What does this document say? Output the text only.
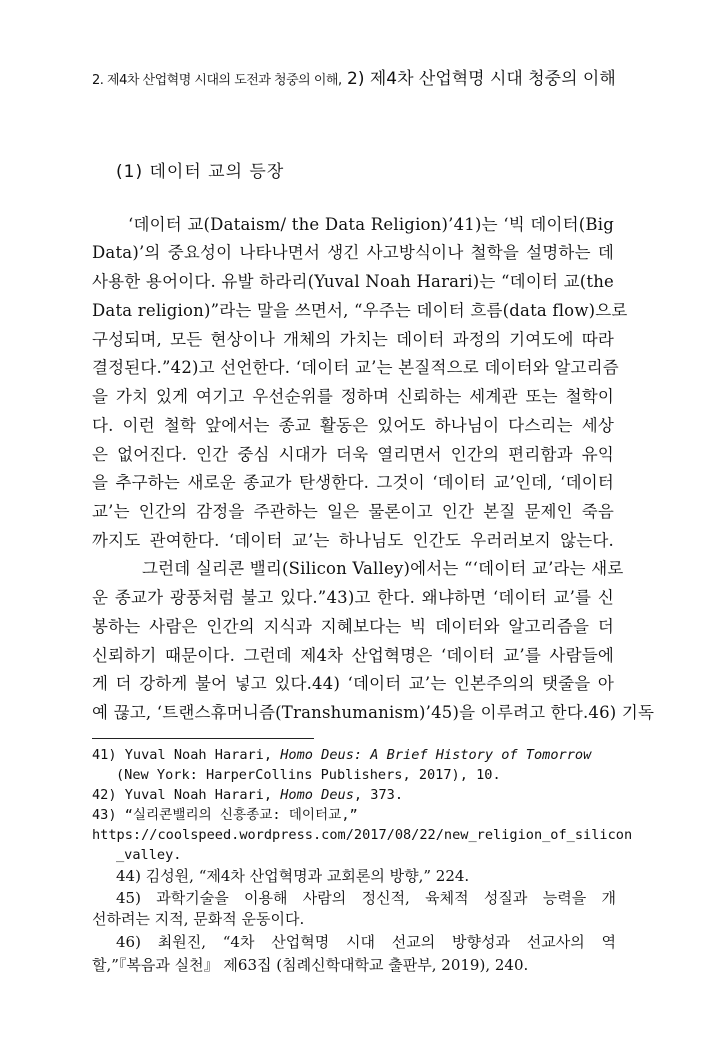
2. 제4차 산업혁명 시대의 도전과 청중의 이해, 2) 제4차 산업혁명 시대 청중의 이해
(1) 데이터 교의 등장
‘데이터 교(Dataism/ the Data Religion)’41)는 ‘빅 데이터(Big
Data)’의 중요성이 나타나면서 생긴 사고방식이나 철학을 설명하는 데
사용한 용어이다. 유발 하라리(Yuval Noah Harari)는 “데이터 교(the
Data religion)”라는 말을 쓰면서, “우주는 데이터 흐름(data flow)으로
구성되며, 모든 현상이나 개체의 가치는 데이터 과정의 기여도에 따라
결정된다.”42)고 선언한다. ‘데이터 교’는 본질적으로 데이터와 알고리즘
을 가치 있게 여기고 우선순위를 정하며 신뢰하는 세계관 또는 철학이
다. 이런 철학 앞에서는 종교 활동은 있어도 하나님이 다스리는 세상
은 없어진다. 인간 중심 시대가 더욱 열리면서 인간의 편리함과 유익
을 추구하는 새로운 종교가 탄생한다. 그것이 ‘데이터 교’인데, ‘데이터
교’는 인간의 감정을 주관하는 일은 물론이고 인간 본질 문제인 죽음
까지도 관여한다. ‘데이터 교’는 하나님도 인간도 우러러보지 않는다.
그런데 실리콘 밸리(Silicon Valley)에서는 “‘데이터 교’라는 새로
운 종교가 광풍처럼 불고 있다.”43)고 한다. 왜냐하면 ‘데이터 교’를 신
봉하는 사람은 인간의 지식과 지혜보다는 빅 데이터와 알고리즘을 더
신뢰하기 때문이다. 그런데 제4차 산업혁명은 ‘데이터 교’를 사람들에
게 더 강하게 불어 넣고 있다.44) ‘데이터 교’는 인본주의의 탯줄을 아
예 끊고, ‘트랜스휴머니즘(Transhumanism)’45)을 이루려고 한다.46) 기독
41) Yuval Noah Harari, Homo Deus: A Brief History of Tomorrow
(New York: HarperCollins Publishers, 2017), 10.
42) Yuval Noah Harari, Homo Deus, 373.
43) “실리콘밸리의 신흥종교: 데이터교,”
https://coolspeed.wordpress.com/2017/08/22/new_religion_of_silicon
_valley.
44) 김성원, “제4차 산업혁명과 교회론의 방향,” 224.
45) 과학기술을 이용해 사람의 정신적, 육체적 성질과 능력을 개
선하려는 지적, 문화적 운동이다.
46) 최원진, “4차 산업혁명 시대 선교의 방향성과 선교사의 역
할,”『복음과 실천』 제63집 (침례신학대학교 출판부, 2019), 240.
